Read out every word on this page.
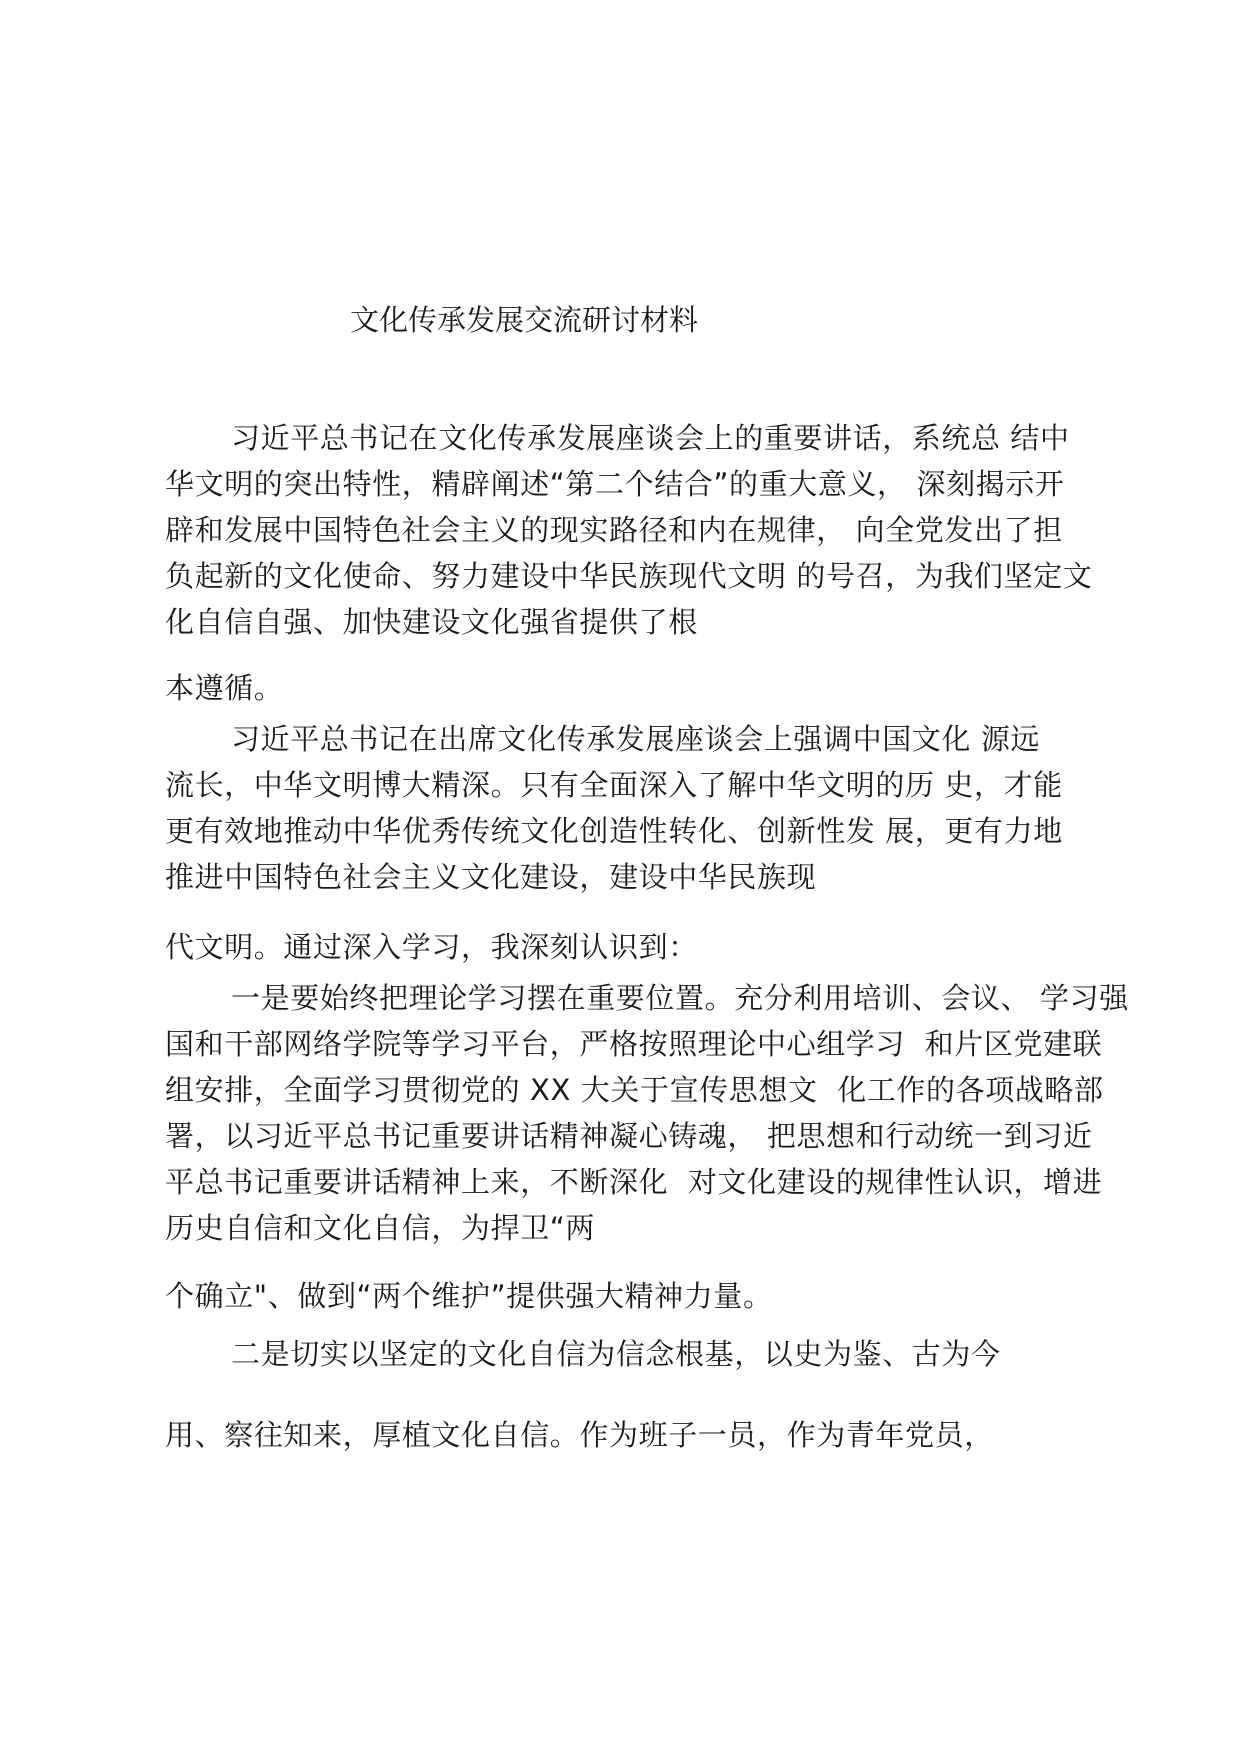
文化传承发展交流研讨材料
习近平总书记在文化传承发展座谈会上的重要讲话，系统总 结中
华文明的突出特性，精辟阐述“第二个结合”的重大意义， 深刻揭示开
辟和发展中国特色社会主义的现实路径和内在规律， 向全党发出了担
负起新的文化使命、努力建设中华民族现代文明 的号召，为我们坚定文
化自信自强、加快建设文化强省提供了根
本遵循。
习近平总书记在出席文化传承发展座谈会上强调中国文化 源远
流长，中华文明博大精深。只有全面深入了解中华文明的历 史，才能
更有效地推动中华优秀传统文化创造性转化、创新性发 展，更有力地
推进中国特色社会主义文化建设，建设中华民族现
代文明。通过深入学习，我深刻认识到：
一是要始终把理论学习摆在重要位置。充分利用培训、会议、 学习强
国和干部网络学院等学习平台，严格按照理论中心组学习  和片区党建联
组安排，全面学习贯彻党的 XX 大关于宣传思想文  化工作的各项战略部
署，以习近平总书记重要讲话精神凝心铸魂， 把思想和行动统一到习近
平总书记重要讲话精神上来，不断深化  对文化建设的规律性认识，增进
历史自信和文化自信，为捍卫“两
个确立"、做到“两个维护”提供强大精神力量。
二是切实以坚定的文化自信为信念根基，以史为鉴、古为今
用、察往知来，厚植文化自信。作为班子一员，作为青年党员，
